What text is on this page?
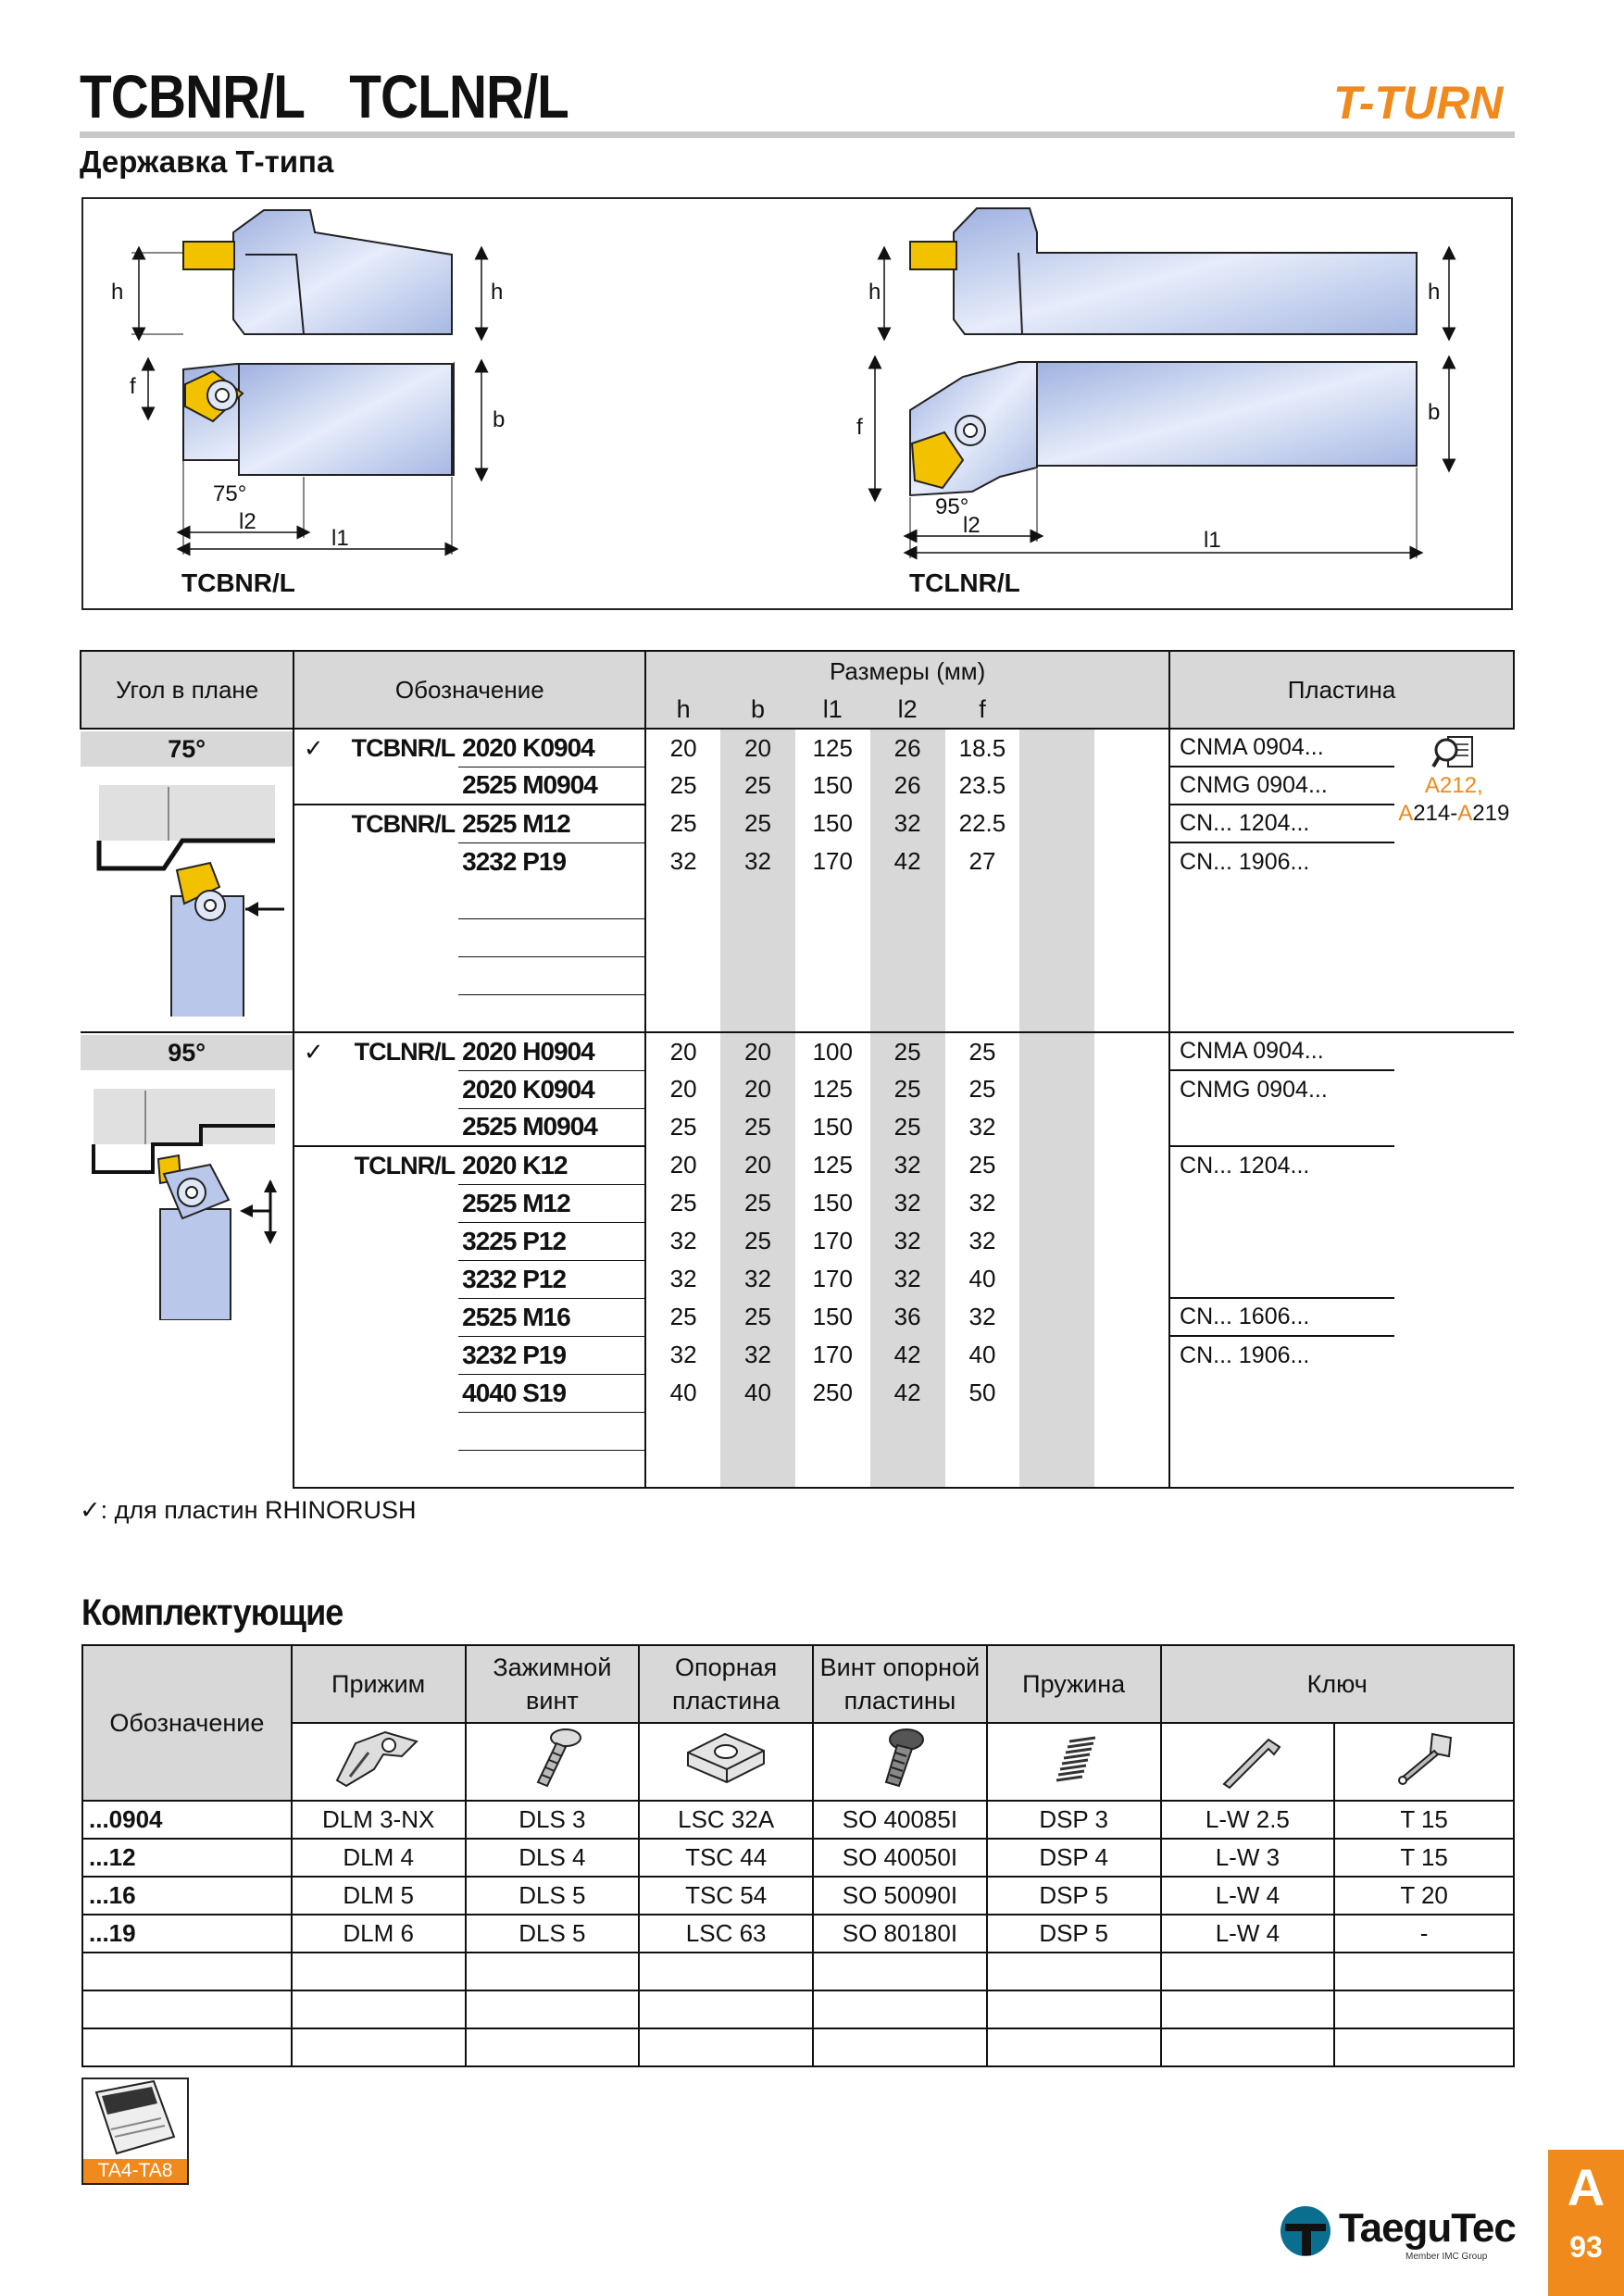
TCBNR/L TCLNR/L	T-TURN
Державка Т-типа
h	h
f
b
75°
l2
l1
TCBNR/L
h	h
f
b
95°
l2
l1
TCLNR/L
Угол в плане	Обозначение			Размеры (мм)							Пластина	
				h	b	l1	l2	f				

75°	✓	TCBNR/L	2020 K0904	20	20	125	26	18.5			CNMA 0904...	A212,
A214-A219

			2525 M0904	25	25	150	26	23.5			CNMG 0904...	
		TCBNR/L	2525 M12	25	25	150	32	22.5			CN... 1204...	
			3232 P19	32	32	170	42	27			CN... 1906...	

95°	✓	TCLNR/L	2020 H0904	20	20	100	25	25			CNMA 0904...	
			2020 K0904	20	20	125	25	25			CNMG 0904...	
			2525 M0904	25	25	150	25	32				
		TCLNR/L	2020 K12	20	20	125	32	25			CN... 1204...	
			2525 M12	25	25	150	32	32				
			3225 P12	32	25	170	32	32				
			3232 P12	32	32	170	32	40				
			2525 M16	25	25	150	36	32			CN... 1606...	
			3232 P19	32	32	170	42	40			CN... 1906...	
			4040 S19	40	40	250	42	50				

✓: для пластин RHINORUSH
Комплектующие
Обозначение	Прижим	Зажимной винт	Опорная пластина	Винт опорной пластины	Пружина	Ключ	

...0904	DLM 3-NX	DLS 3	LSC 32A	SO 40085I	DSP 3	L-W 2.5	T 15
...12	DLM 4	DLS 4	TSC 44	SO 40050I	DSP 4	L-W 3	T 15
...16	DLM 5	DLS 5	TSC 54	SO 50090I	DSP 5	L-W 4	T 20
...19	DLM 6	DLS 5	LSC 63	SO 80180I	DSP 5	L-W 4	-

TA4-TA8
TaeguTec
Member IMC Group
A
93
